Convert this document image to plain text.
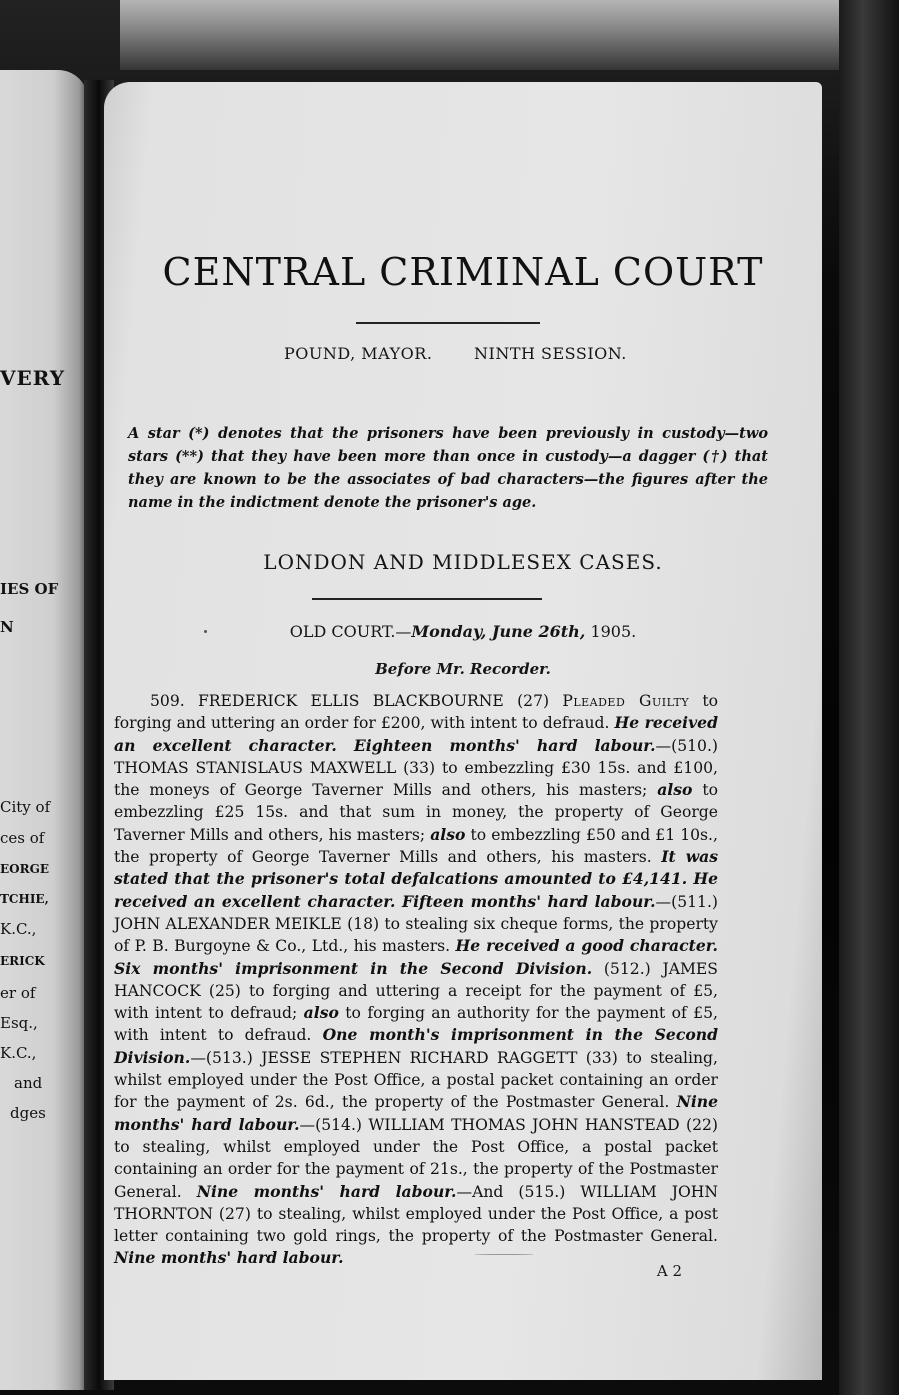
VERY
IES OF
N
City of
ces of
EORGE
TCHIE,
K.C.,
ERICK
er of
Esq.,
K.C.,
and
dges
CENTRAL CRIMINAL COURT
POUND, MAYOR.	NINTH SESSION.
A star (*) denotes that the prisoners have been previously in custody—two stars (**) that they have been more than once in custody—a dagger (†) that they are known to be the associates of bad characters—the figures after the name in the indictment denote the prisoner's age.
LONDON AND MIDDLESEX CASES.
OLD COURT.—Monday, June 26th, 1905.
Before Mr. Recorder.

509. FREDERICK ELLIS BLACKBOURNE (27) Pleaded Guilty to forging and uttering an order for £200, with intent to defraud. He received an excellent character. Eighteen months' hard labour.—(510.) THOMAS STANISLAUS MAXWELL (33) to embezzling £30 15s. and £100, the moneys of George Taverner Mills and others, his masters; also to embezzling £25 15s. and that sum in money, the property of George Taverner Mills and others, his masters; also to embezzling £50 and £1 10s., the property of George Taverner Mills and others, his masters. It was stated that the prisoner's total defalcations amounted to £4,141. He received an excellent character. Fifteen months' hard labour.—(511.) JOHN ALEXANDER MEIKLE (18) to stealing six cheque forms, the property of P. B. Burgoyne & Co., Ltd., his masters. He received a good character. Six months' imprisonment in the Second Division. (512.) JAMES HANCOCK (25) to forging and uttering a receipt for the payment of £5, with intent to defraud; also to forging an authority for the payment of £5, with intent to defraud. One month's imprisonment in the Second Division.—(513.) JESSE STEPHEN RICHARD RAGGETT (33) to stealing, whilst employed under the Post Office, a postal packet containing an order for the payment of 2s. 6d., the property of the Postmaster General. Nine months' hard labour.—(514.) WILLIAM THOMAS JOHN HANSTEAD (22) to stealing, whilst employed under the Post Office, a postal packet containing an order for the payment of 21s., the property of the Postmaster General. Nine months' hard labour.—And (515.) WILLIAM JOHN THORNTON (27) to stealing, whilst employed under the Post Office, a post letter containing two gold rings, the property of the Postmaster General. Nine months' hard labour.

A 2
